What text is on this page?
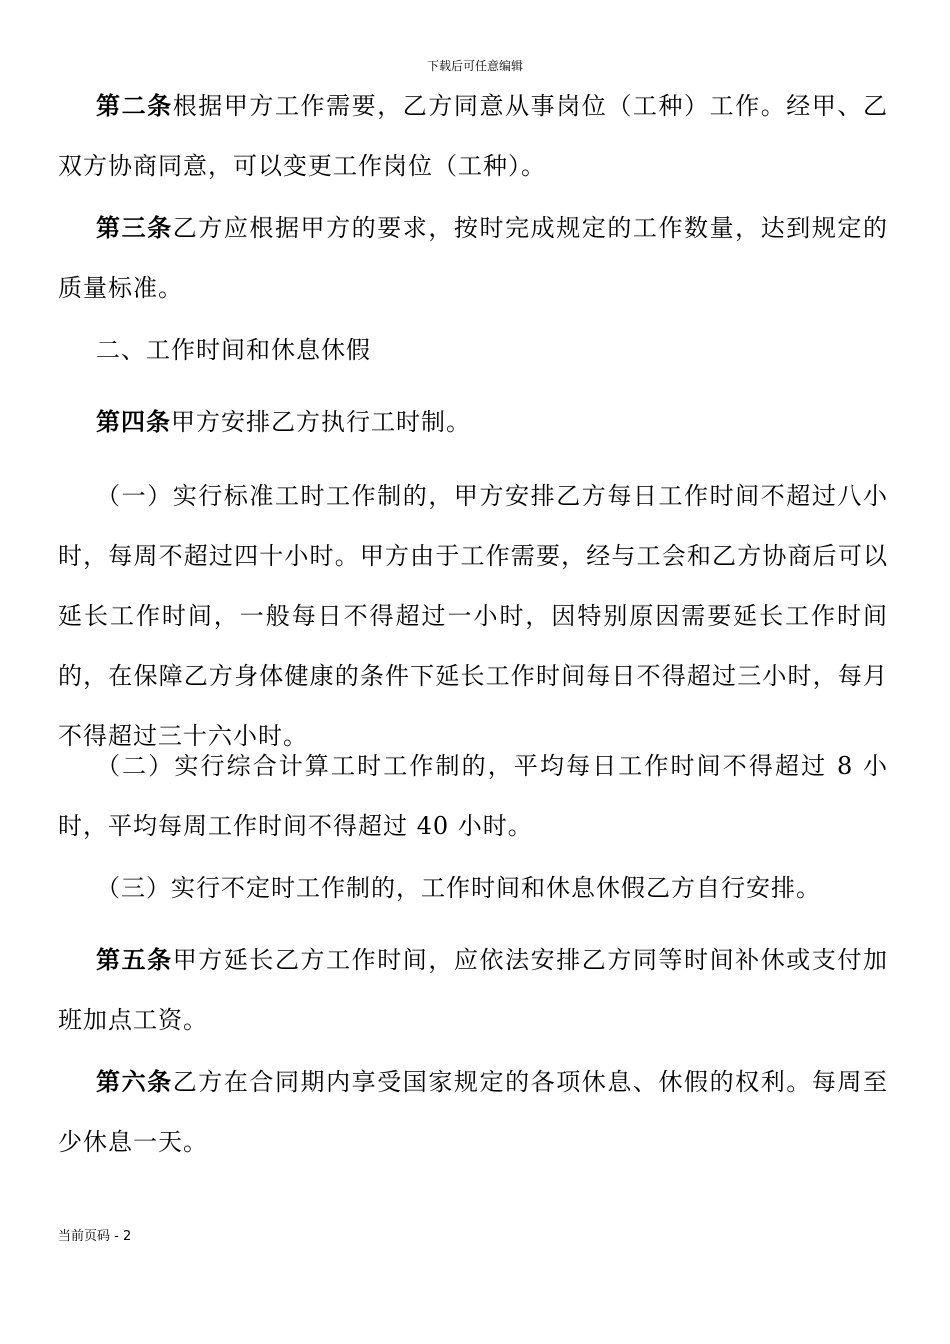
下载后可任意编辑

第二条根据甲方工作需要，乙方同意从事岗位（工种）工作。经甲、乙双方协商同意，可以变更工作岗位（工种）。

第三条乙方应根据甲方的要求，按时完成规定的工作数量，达到规定的质量标准。

二、工作时间和休息休假

第四条甲方安排乙方执行工时制。

（一）实行标准工时工作制的，甲方安排乙方每日工作时间不超过八小时，每周不超过四十小时。甲方由于工作需要，经与工会和乙方协商后可以延长工作时间，一般每日不得超过一小时，因特别原因需要延长工作时间的，在保障乙方身体健康的条件下延长工作时间每日不得超过三小时，每月不得超过三十六小时。

（二）实行综合计算工时工作制的，平均每日工作时间不得超过 8 小时，平均每周工作时间不得超过 40 小时。

（三）实行不定时工作制的，工作时间和休息休假乙方自行安排。

第五条甲方延长乙方工作时间，应依法安排乙方同等时间补休或支付加班加点工资。

第六条乙方在合同期内享受国家规定的各项休息、休假的权利。每周至少休息一天。

当前页码 - 2
